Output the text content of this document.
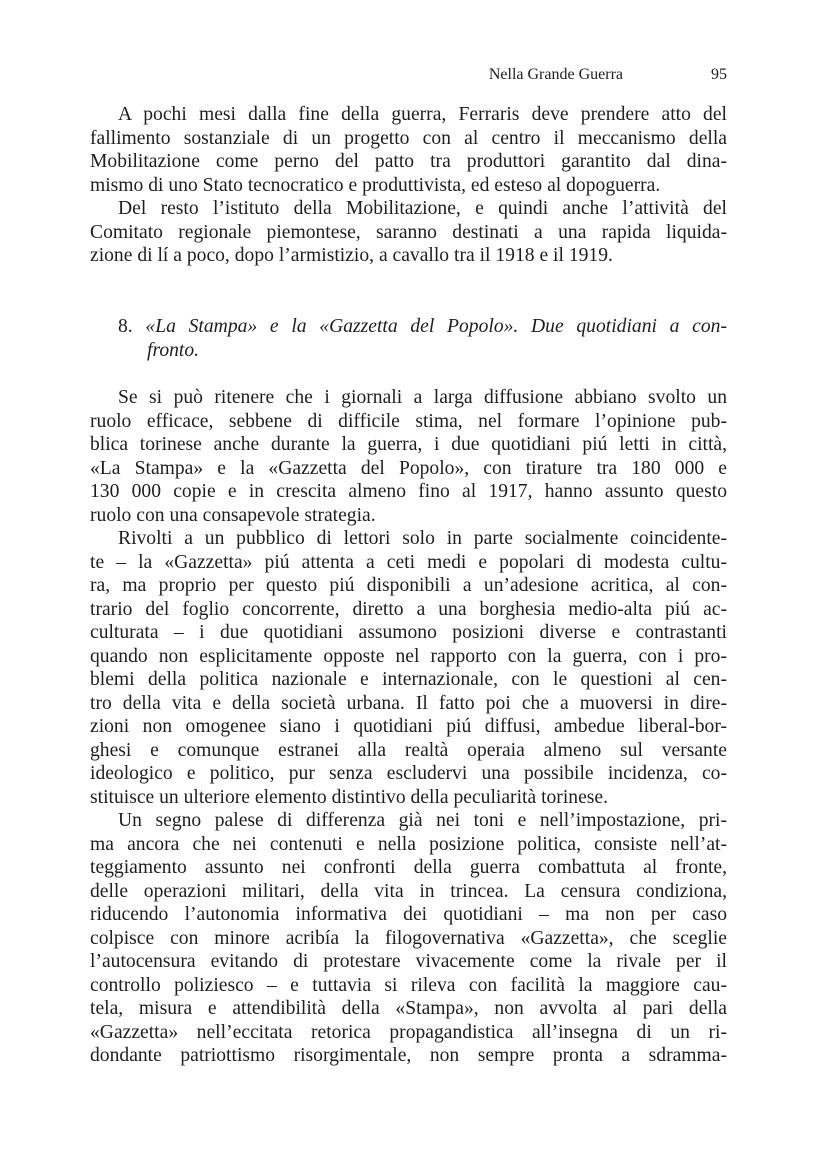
Nella Grande Guerra	95
A pochi mesi dalla fine della guerra, Ferraris deve prendere atto del
fallimento sostanziale di un progetto con al centro il meccanismo della
Mobilitazione come perno del patto tra produttori garantito dal dina-
mismo di uno Stato tecnocratico e produttivista, ed esteso al dopoguerra.
Del resto l’istituto della Mobilitazione, e quindi anche l’attività del
Comitato regionale piemontese, saranno destinati a una rapida liquida-
zione di lí a poco, dopo l’armistizio, a cavallo tra il 1918 e il 1919.
8. «La Stampa» e la «Gazzetta del Popolo». Due quotidiani a con-
fronto.
Se si può ritenere che i giornali a larga diffusione abbiano svolto un
ruolo efficace, sebbene di difficile stima, nel formare l’opinione pub-
blica torinese anche durante la guerra, i due quotidiani piú letti in città,
«La Stampa» e la «Gazzetta del Popolo», con tirature tra 180 000 e
130 000 copie e in crescita almeno fino al 1917, hanno assunto questo
ruolo con una consapevole strategia.
Rivolti a un pubblico di lettori solo in parte socialmente coincidente-
te – la «Gazzetta» piú attenta a ceti medi e popolari di modesta cultu-
ra, ma proprio per questo piú disponibili a un’adesione acritica, al con-
trario del foglio concorrente, diretto a una borghesia medio-alta piú ac-
culturata – i due quotidiani assumono posizioni diverse e contrastanti
quando non esplicitamente opposte nel rapporto con la guerra, con i pro-
blemi della politica nazionale e internazionale, con le questioni al cen-
tro della vita e della società urbana. Il fatto poi che a muoversi in dire-
zioni non omogenee siano i quotidiani piú diffusi, ambedue liberal-bor-
ghesi e comunque estranei alla realtà operaia almeno sul versante
ideologico e politico, pur senza escludervi una possibile incidenza, co-
stituisce un ulteriore elemento distintivo della peculiarità torinese.
Un segno palese di differenza già nei toni e nell’impostazione, pri-
ma ancora che nei contenuti e nella posizione politica, consiste nell’at-
teggiamento assunto nei confronti della guerra combattuta al fronte,
delle operazioni militari, della vita in trincea. La censura condiziona,
riducendo l’autonomia informativa dei quotidiani – ma non per caso
colpisce con minore acribía la filogovernativa «Gazzetta», che sceglie
l’autocensura evitando di protestare vivacemente come la rivale per il
controllo poliziesco – e tuttavia si rileva con facilità la maggiore cau-
tela, misura e attendibilità della «Stampa», non avvolta al pari della
«Gazzetta» nell’eccitata retorica propagandistica all’insegna di un ri-
dondante patriottismo risorgimentale, non sempre pronta a sdramma-
